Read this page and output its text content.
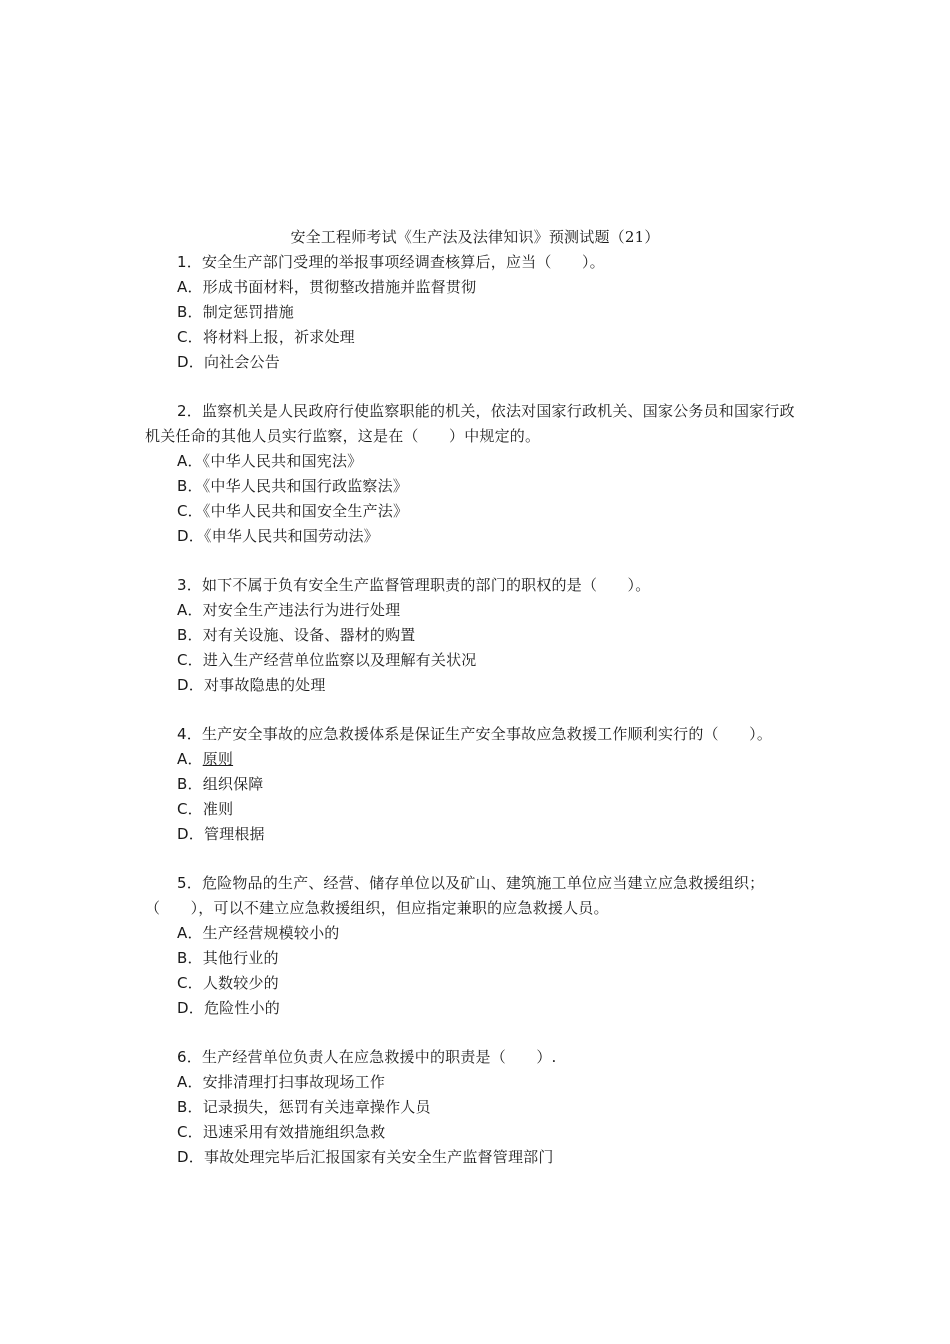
安全工程师考试《生产法及法律知识》预测试题（21）

1．安全生产部门受理的举报事项经调查核算后，应当（　　）。

A．形成书面材料，贯彻整改措施并监督贯彻

B．制定惩罚措施

C．将材料上报，祈求处理

D．向社会公告

2．监察机关是人民政府行使监察职能的机关，依法对国家行政机关、国家公务员和国家行政机关任命的其他人员实行监察，这是在（　　）中规定的。

A．《中华人民共和国宪法》

B．《中华人民共和国行政监察法》

C．《中华人民共和国安全生产法》

D．《申华人民共和国劳动法》

3．如下不属于负有安全生产监督管理职责的部门的职权的是（　　）。

A．对安全生产违法行为进行处理

B．对有关设施、设备、器材的购置

C．进入生产经营单位监察以及理解有关状况

D．对事故隐患的处理

4．生产安全事故的应急救援体系是保证生产安全事故应急救援工作顺利实行的（　　）。

A．原则

B．组织保障

C．准则

D．管理根据

5．危险物品的生产、经营、储存单位以及矿山、建筑施工单位应当建立应急救援组织；（　　），可以不建立应急救援组织，但应指定兼职的应急救援人员。

A．生产经营规模较小的

B．其他行业的

C．人数较少的

D．危险性小的

6．生产经营单位负责人在应急救援中的职责是（　　）.

A．安排清理打扫事故现场工作

B．记录损失，惩罚有关违章操作人员

C．迅速采用有效措施组织急救

D．事故处理完毕后汇报国家有关安全生产监督管理部门
